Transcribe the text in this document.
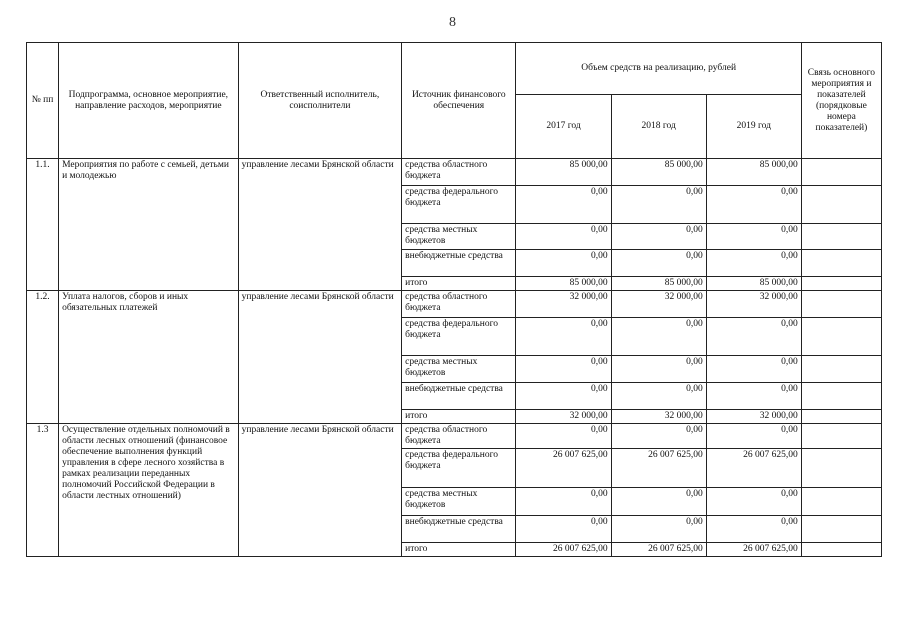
8
№ пп	Подпрограмма, основное мероприятие, направление расходов, мероприятие	Ответственный исполнитель, соисполнители	Источник финансового обеспечения	Объем средств на реализацию, рублей			Связь основного мероприятия и показателей (порядковые номера показателей)
				2017 год	2018 год	2019 год	
1.1.	Мероприятия по работе с семьей, детьми и молодежью	управление лесами Брянской области	средства областного бюджета	85 000,00	85 000,00	85 000,00	
			средства федерального бюджета	0,00	0,00	0,00	
			средства местных бюджетов	0,00	0,00	0,00	
			внебюджетные средства	0,00	0,00	0,00	
			итого	85 000,00	85 000,00	85 000,00	
1.2.	Уплата налогов, сборов и иных обязательных платежей	управление лесами Брянской области	средства областного бюджета	32 000,00	32 000,00	32 000,00	
			средства федерального бюджета	0,00	0,00	0,00	
			средства местных бюджетов	0,00	0,00	0,00	
			внебюджетные средства	0,00	0,00	0,00	
			итого	32 000,00	32 000,00	32 000,00	
1.3	Осуществление отдельных полномочий в области лесных отношений (финансовое обеспечение выполнения функций управления в сфере лесного хозяйства в рамках реализации переданных полномочий Российской Федерации в области лестных отношений)	управление лесами Брянской области	средства областного бюджета	0,00	0,00	0,00	
			средства федерального бюджета	26 007 625,00	26 007 625,00	26 007 625,00	
			средства местных бюджетов	0,00	0,00	0,00	
			внебюджетные средства	0,00	0,00	0,00	
			итого	26 007 625,00	26 007 625,00	26 007 625,00	
